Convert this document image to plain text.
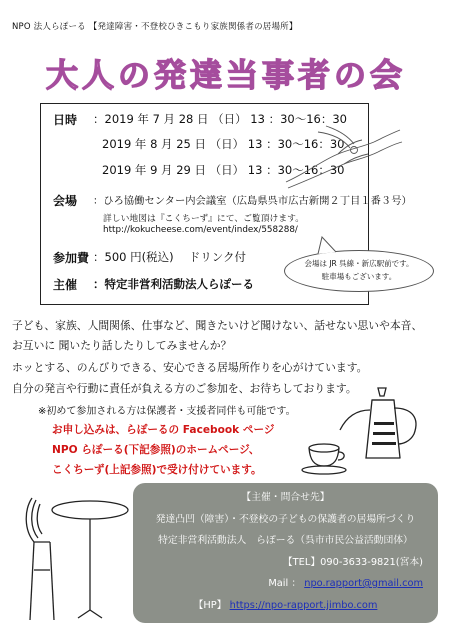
NPO 法人らぽーる 【発達障害・不登校ひきこもり家族関係者の居場所】
大人の発達当事者の会
日時 ：2019 年 7 月 28 日 （日） 13 ：30～16：30
2019 年 8 月 25 日 （日） 13 ：30～16：30
2019 年 9 月 29 日 （日） 13 ：30～16：30
会場 ：ひろ協働センター内会議室（広島県呉市広古新開２丁目１番３号）
詳しい地図は『こくちーず』にて、ご覧頂けます。
http://kokucheese.com/event/index/558288/
参加費 ：500 円(税込)　 ドリンク付
主催 ：特定非営利活動法人らぽーる
会場は JR 呉線・新広駅前です。
駐車場もございます。
子ども、家族、人間関係、仕事など、聞きたいけど聞けない、話せない思いや本音、
お互いに 聞いたり話したりしてみませんか？
ホッとする、のんびりできる、安心できる居場所作りを心がけています。
自分の発言や行動に責任が負える方のご参加を、お待ちしております。
※初めて参加される方は保護者・支援者同伴も可能です。
お申し込みは、らぽーるの Facebook ページ
NPO らぽーる(下記参照)のホームページ、
こくちーず(上記参照)で受け付けています。
【主催・問合せ先】
発達凸凹（障害）・不登校の子どもの保護者の居場所づくり
特定非営利活動法人　らぽーる（呉市市民公益活動団体）
【TEL】090-3633-9821(宮本)
Mail ： npo.rapport@gmail.com
【HP】 https://npo-rapport.jimbo.com
